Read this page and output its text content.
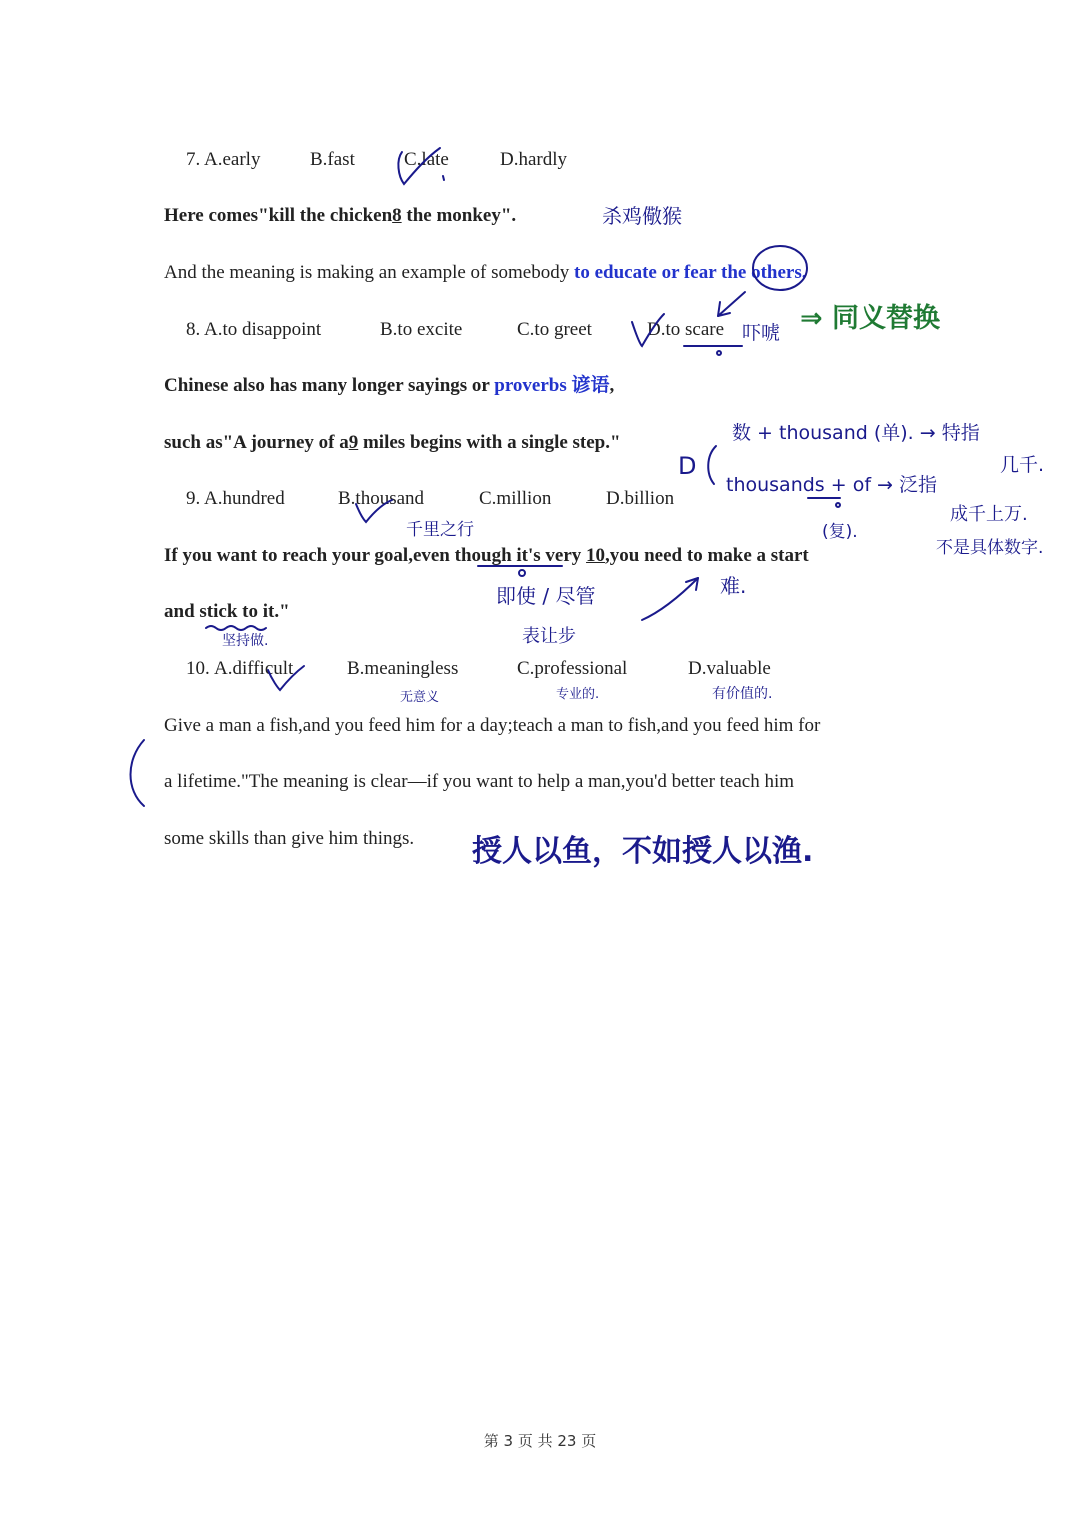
7. A.early	B.fast	C.late	D.hardly
Here comes"kill the chicken8 the monkey".
And the meaning is making an example of somebody to educate or fear the others.
8. A.to disappoint	B.to excite	C.to greet	D.to scare
Chinese also has many longer sayings or proverbs 谚语,
such as"A journey of a9 miles begins with a single step."
9. A.hundred	B.thousand	C.million	D.billion
If you want to reach your goal,even though it's very 10,you need to make a start
and stick to it."
10. A.difficult	B.meaningless	C.professional	D.valuable
Give a man a fish,and you feed him for a day;teach a man to fish,and you feed him for
a lifetime."The meaning is clear—if you want to help a man,you'd better teach him
some skills than give him things.
杀鸡儆猴
吓唬 ⇒ 同义替换
数 + thousand (单). → 特指
几千.
thousands + of → 泛指
(复).
成千上万.
不是具体数字.
千里之行
即使 / 尽管
表让步
难.
坚持做.
无意义	专业的.	有价值的.
授人以鱼，不如授人以渔.
D
第 3 页 共 23 页
